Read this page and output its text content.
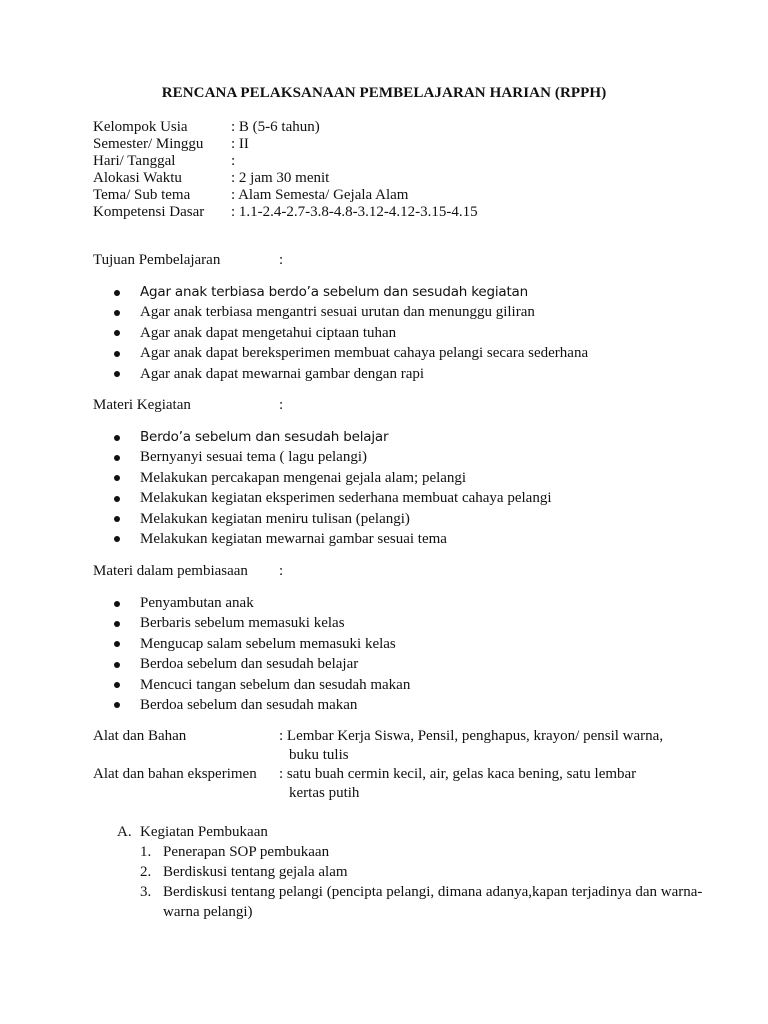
RENCANA PELAKSANAAN PEMBELAJARAN HARIAN (RPPH)
Kelompok Usia	: B (5-6 tahun)
Semester/ Minggu : II
Hari/ Tanggal	:
Alokasi Waktu	: 2 jam 30 menit
Tema/ Sub tema	: Alam Semesta/ Gejala Alam
Kompetensi Dasar : 1.1-2.4-2.7-3.8-4.8-3.12-4.12-3.15-4.15
Tujuan Pembelajaran	:
Agar anak terbiasa berdo’a sebelum dan sesudah kegiatan
Agar anak terbiasa mengantri sesuai urutan dan menunggu giliran
Agar anak dapat mengetahui ciptaan tuhan
Agar anak dapat bereksperimen membuat cahaya pelangi secara sederhana
Agar anak dapat mewarnai gambar dengan rapi
Materi Kegiatan	:
Berdo’a sebelum dan sesudah belajar
Bernyanyi sesuai tema ( lagu pelangi)
Melakukan percakapan mengenai gejala alam; pelangi
Melakukan kegiatan eksperimen sederhana membuat cahaya pelangi
Melakukan kegiatan meniru tulisan (pelangi)
Melakukan kegiatan mewarnai gambar sesuai tema
Materi dalam pembiasaan :
Penyambutan anak
Berbaris sebelum memasuki kelas
Mengucap salam sebelum memasuki kelas
Berdoa sebelum dan sesudah belajar
Mencuci tangan sebelum dan sesudah makan
Berdoa sebelum dan sesudah makan
Alat dan Bahan	: Lembar Kerja Siswa, Pensil, penghapus, krayon/ pensil warna,
buku tulis
Alat dan bahan eksperimen : satu buah cermin kecil, air, gelas kaca bening, satu lembar
kertas putih
A. Kegiatan Pembukaan
1. Penerapan SOP pembukaan
2. Berdiskusi tentang gejala alam
3. Berdiskusi tentang pelangi (pencipta pelangi, dimana adanya,kapan terjadinya dan warna-warna pelangi)
